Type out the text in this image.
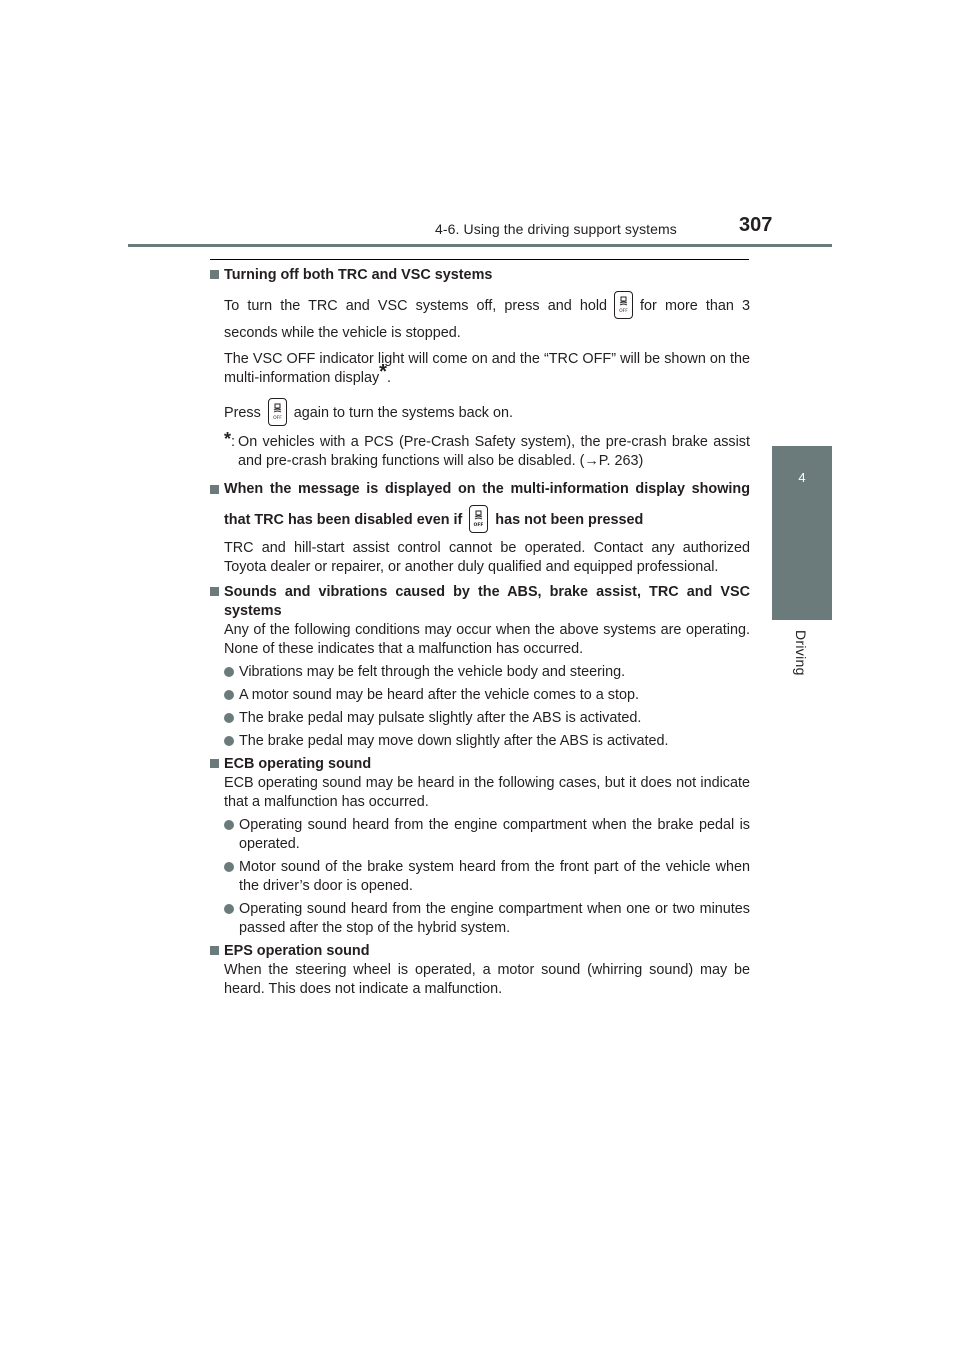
4-6. Using the driving support systems	307
4
Driving
Turning off both TRC and VSC systems
To turn the TRC and VSC systems off, press and hold	OFF for more than 3 seconds while the vehicle is stopped.
The VSC OFF indicator light will come on and the “TRC OFF” will be shown on the multi-information display*.
Press	OFF again to turn the systems back on.
* : On vehicles with a PCS (Pre-Crash Safety system), the pre-crash brake assist and pre-crash braking functions will also be disabled. (→P. 263)
When the message is displayed on the multi-information display showing that TRC has been disabled even if	OFF has not been pressed
TRC and hill-start assist control cannot be operated. Contact any authorized Toyota dealer or repairer, or another duly qualified and equipped professional.
Sounds and vibrations caused by the ABS, brake assist, TRC and VSC systems
Any of the following conditions may occur when the above systems are operating. None of these indicates that a malfunction has occurred.
Vibrations may be felt through the vehicle body and steering.
A motor sound may be heard after the vehicle comes to a stop.
The brake pedal may pulsate slightly after the ABS is activated.
The brake pedal may move down slightly after the ABS is activated.
ECB operating sound
ECB operating sound may be heard in the following cases, but it does not indicate that a malfunction has occurred.
Operating sound heard from the engine compartment when the brake pedal is operated.
Motor sound of the brake system heard from the front part of the vehicle when the driver’s door is opened.
Operating sound heard from the engine compartment when one or two minutes passed after the stop of the hybrid system.
EPS operation sound
When the steering wheel is operated, a motor sound (whirring sound) may be heard. This does not indicate a malfunction.
